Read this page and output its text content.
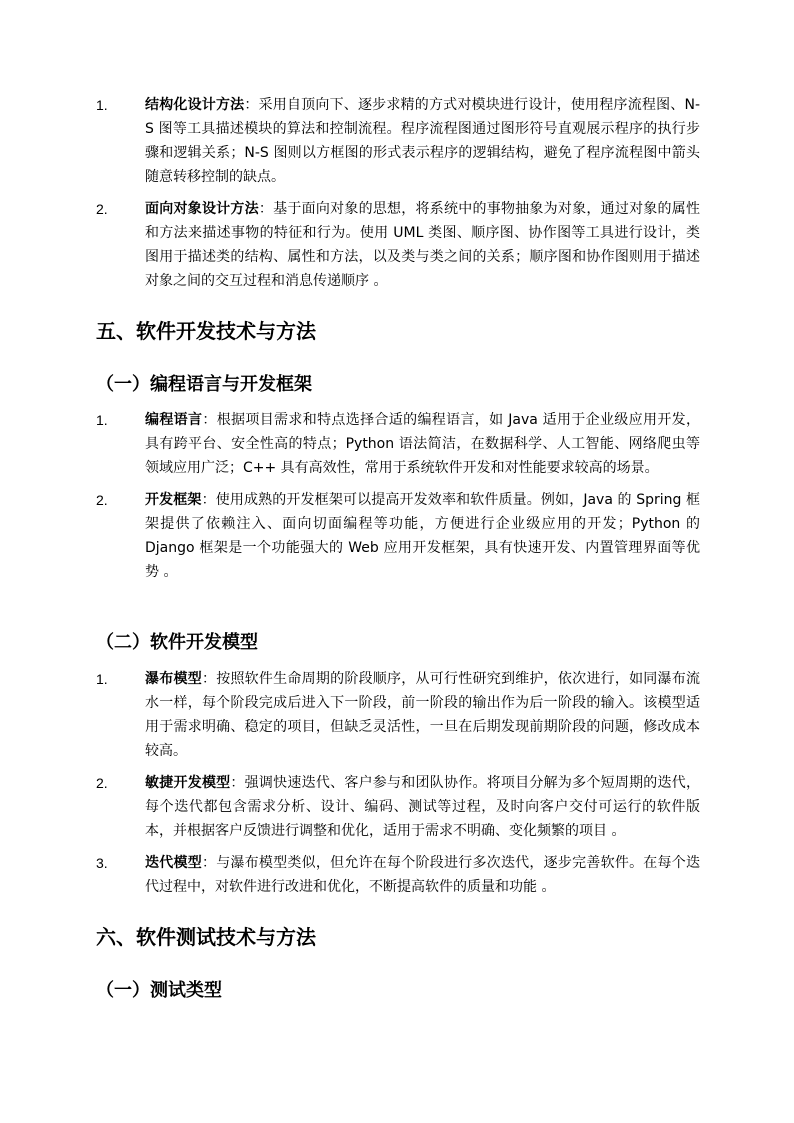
1.	结构化设计方法：采用自顶向下、逐步求精的方式对模块进行设计，使用程序流程图、N-S 图等工具描述模块的算法和控制流程。程序流程图通过图形符号直观展示程序的执行步骤和逻辑关系；N-S 图则以方框图的形式表示程序的逻辑结构，避免了程序流程图中箭头随意转移控制的缺点。
2.	面向对象设计方法：基于面向对象的思想，将系统中的事物抽象为对象，通过对象的属性和方法来描述事物的特征和行为。使用 UML 类图、顺序图、协作图等工具进行设计，类图用于描述类的结构、属性和方法，以及类与类之间的关系；顺序图和协作图则用于描述对象之间的交互过程和消息传递顺序 。
五、软件开发技术与方法
（一）编程语言与开发框架
1.	编程语言：根据项目需求和特点选择合适的编程语言，如 Java 适用于企业级应用开发，具有跨平台、安全性高的特点；Python 语法简洁，在数据科学、人工智能、网络爬虫等领域应用广泛；C++ 具有高效性，常用于系统软件开发和对性能要求较高的场景。
2.	开发框架：使用成熟的开发框架可以提高开发效率和软件质量。例如，Java 的 Spring 框架提供了依赖注入、面向切面编程等功能，方便进行企业级应用的开发；Python 的 Django 框架是一个功能强大的 Web 应用开发框架，具有快速开发、内置管理界面等优势 。
（二）软件开发模型
1.	瀑布模型：按照软件生命周期的阶段顺序，从可行性研究到维护，依次进行，如同瀑布流水一样，每个阶段完成后进入下一阶段，前一阶段的输出作为后一阶段的输入。该模型适用于需求明确、稳定的项目，但缺乏灵活性，一旦在后期发现前期阶段的问题，修改成本较高。
2.	敏捷开发模型：强调快速迭代、客户参与和团队协作。将项目分解为多个短周期的迭代，每个迭代都包含需求分析、设计、编码、测试等过程，及时向客户交付可运行的软件版本，并根据客户反馈进行调整和优化，适用于需求不明确、变化频繁的项目 。
3.	迭代模型：与瀑布模型类似，但允许在每个阶段进行多次迭代，逐步完善软件。在每个迭代过程中，对软件进行改进和优化，不断提高软件的质量和功能 。
六、软件测试技术与方法
（一）测试类型
